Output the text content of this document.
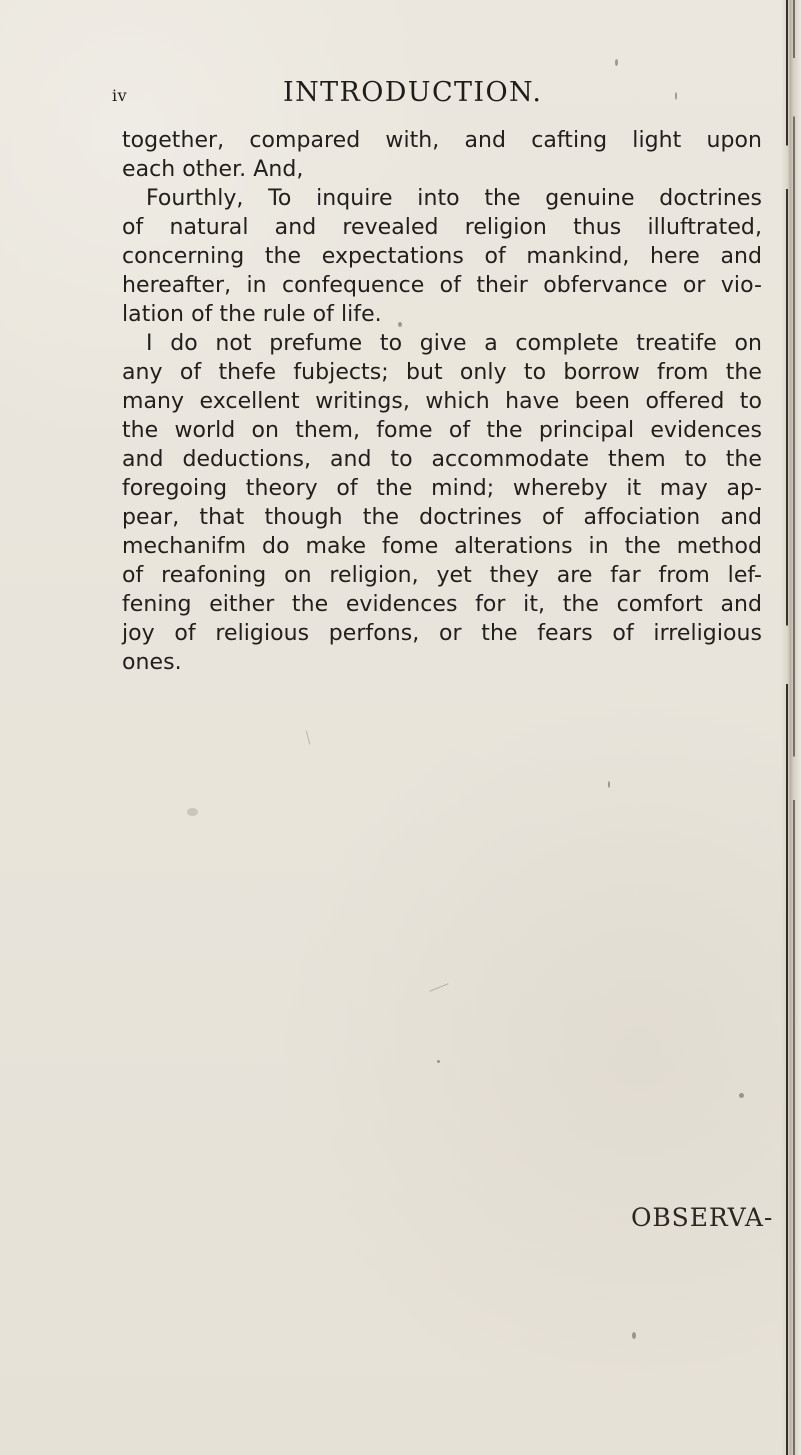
iv	INTRODUCTION.
together, compared with, and cafting light upon
each other. And,
Fourthly, To inquire into the genuine doctrines
of natural and revealed religion thus illuftrated,
concerning the expectations of mankind, here and
hereafter, in confequence of their obfervance or vio-
lation of the rule of life.
I do not prefume to give a complete treatife on
any of thefe fubjects; but only to borrow from the
many excellent writings, which have been offered to
the world on them, fome of the principal evidences
and deductions, and to accommodate them to the
foregoing theory of the mind; whereby it may ap-
pear, that though the doctrines of affociation and
mechanifm do make fome alterations in the method
of reafoning on religion, yet they are far from lef-
fening either the evidences for it, the comfort and
joy of religious perfons, or the fears of irreligious
ones.
OBSERVA-
